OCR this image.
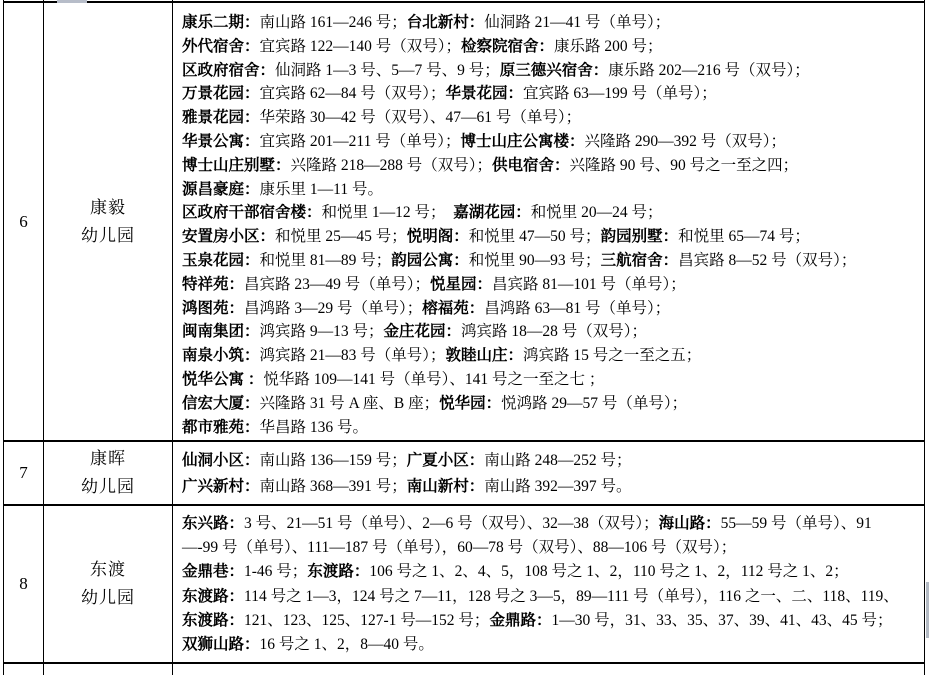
6
康毅
幼儿园
康乐二期：南山路 161—246 号；台北新村：仙洞路 21—41 号（单号）；
外代宿舍：宜宾路 122—140 号（双号）；检察院宿舍：康乐路 200 号；
区政府宿舍：仙洞路 1—3 号、5—7 号、9 号；原三德兴宿舍：康乐路 202—216 号（双号）；
万景花园：宜宾路 62—84 号（双号）；华景花园：宜宾路 63—199 号（单号）；
雅景花园：华荣路 30—42 号（双号）、47—61 号（单号）；
华景公寓：宜宾路 201—211 号（单号）；博士山庄公寓楼：兴隆路 290—392 号（双号）；
博士山庄别墅：兴隆路 218—288 号（双号）；供电宿舍：兴隆路 90 号、90 号之一至之四；
源昌豪庭：康乐里 1—11 号。
区政府干部宿舍楼：和悦里 1—12 号；  嘉湖花园：和悦里 20—24 号；
安置房小区：和悦里 25—45 号；悦明阁：和悦里 47—50 号；韵园别墅：和悦里 65—74 号；
玉泉花园：和悦里 81—89 号；韵园公寓：和悦里 90—93 号；三航宿舍：昌宾路 8—52 号（双号）；
特祥苑：昌宾路 23—49 号（单号）；悦星园：昌宾路 81—101 号（单号）；
鸿图苑：昌鸿路 3—29 号（单号）；榕福苑：昌鸿路 63—81 号（单号）；
闽南集团：鸿宾路 9—13 号；金庄花园：鸿宾路 18—28 号（双号）；
南泉小筑：鸿宾路 21—83 号（单号）；敦睦山庄：鸿宾路 15 号之一至之五；
悦华公寓 ：悦华路 109—141 号（单号）、141 号之一至之七 ；
信宏大厦：兴隆路 31 号 A 座、B 座；悦华园：悦鸿路 29—57 号（单号）；
都市雅苑：华昌路 136 号。
7
康晖
幼儿园
仙洞小区：南山路 136—159 号；广夏小区：南山路 248—252 号；
广兴新村：南山路 368—391 号；南山新村：南山路 392—397 号。
8
东渡
幼儿园
东兴路：3 号、21—51 号（单号）、2—6 号（双号）、32—38（双号）；海山路：55—59 号（单号）、91
—-99 号（单号）、111—187 号（单号），60—78 号（双号）、88—106 号（双号）；
金鼎巷：1-46 号；东渡路：106 号之 1、2、4、5，108 号之 1、2，110 号之 1、2，112 号之 1、2；
东渡路：114 号之 1—3，124 号之 7—11，128 号之 3—5，89—111 号（单号），116 之一、二、118、119、
东渡路：121、123、125、127-1 号—152 号；金鼎路：1—30 号，31、33、35、37、39、41、43、45 号；
双狮山路：16 号之 1、2，8—40 号。
